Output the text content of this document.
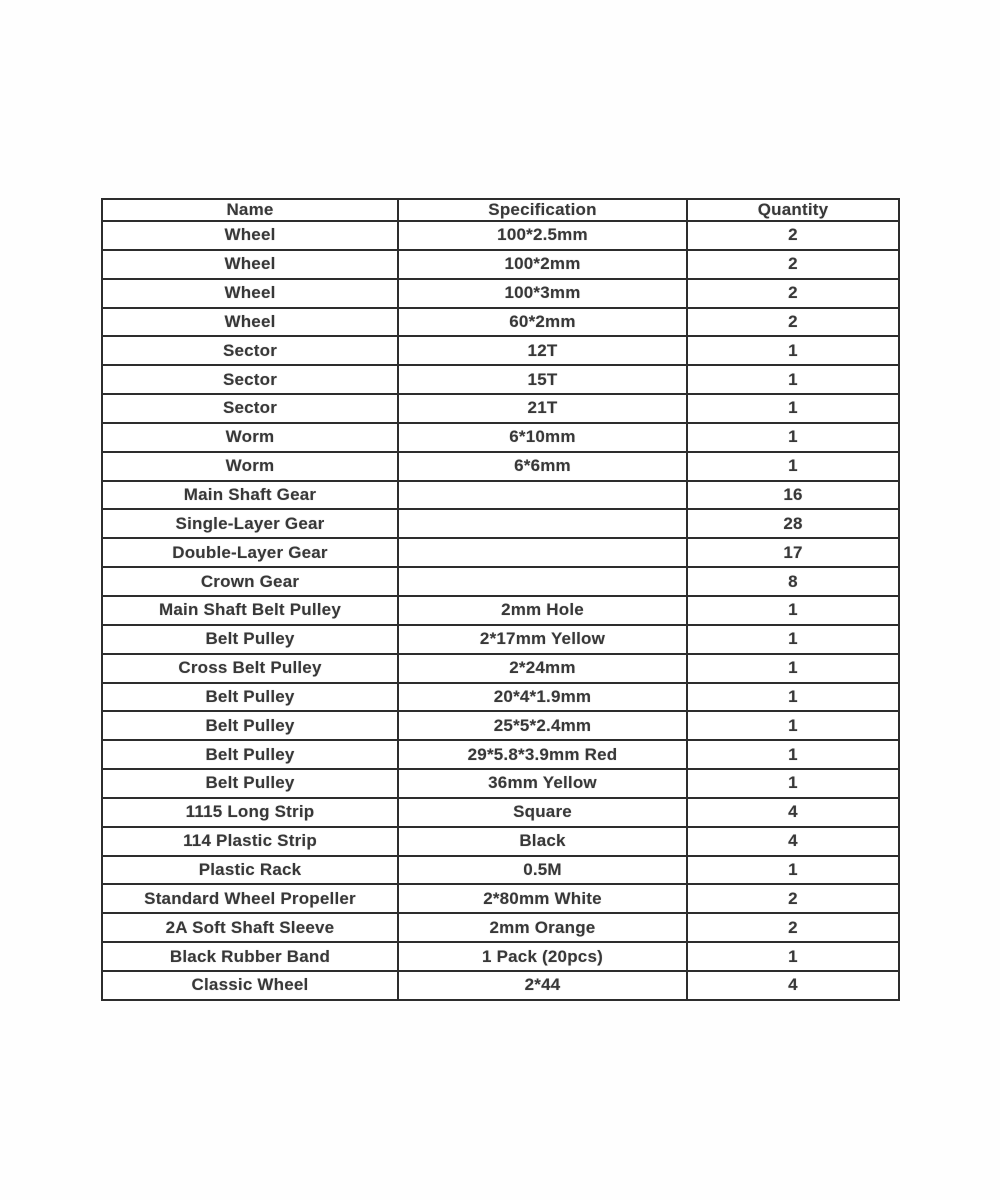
Name	Specification	Quantity
Wheel	100*2.5mm	2
Wheel	100*2mm	2
Wheel	100*3mm	2
Wheel	60*2mm	2
Sector	12T	1
Sector	15T	1
Sector	21T	1
Worm	6*10mm	1
Worm	6*6mm	1
Main Shaft Gear		16
Single-Layer Gear		28
Double-Layer Gear		17
Crown Gear		8
Main Shaft Belt Pulley	2mm Hole	1
Belt Pulley	2*17mm Yellow	1
Cross Belt Pulley	2*24mm	1
Belt Pulley	20*4*1.9mm	1
Belt Pulley	25*5*2.4mm	1
Belt Pulley	29*5.8*3.9mm Red	1
Belt Pulley	36mm Yellow	1
1115 Long Strip	Square	4
114 Plastic Strip	Black	4
Plastic Rack	0.5M	1
Standard Wheel Propeller	2*80mm White	2
2A Soft Shaft Sleeve	2mm Orange	2
Black Rubber Band	1 Pack (20pcs)	1
Classic Wheel	2*44	4
